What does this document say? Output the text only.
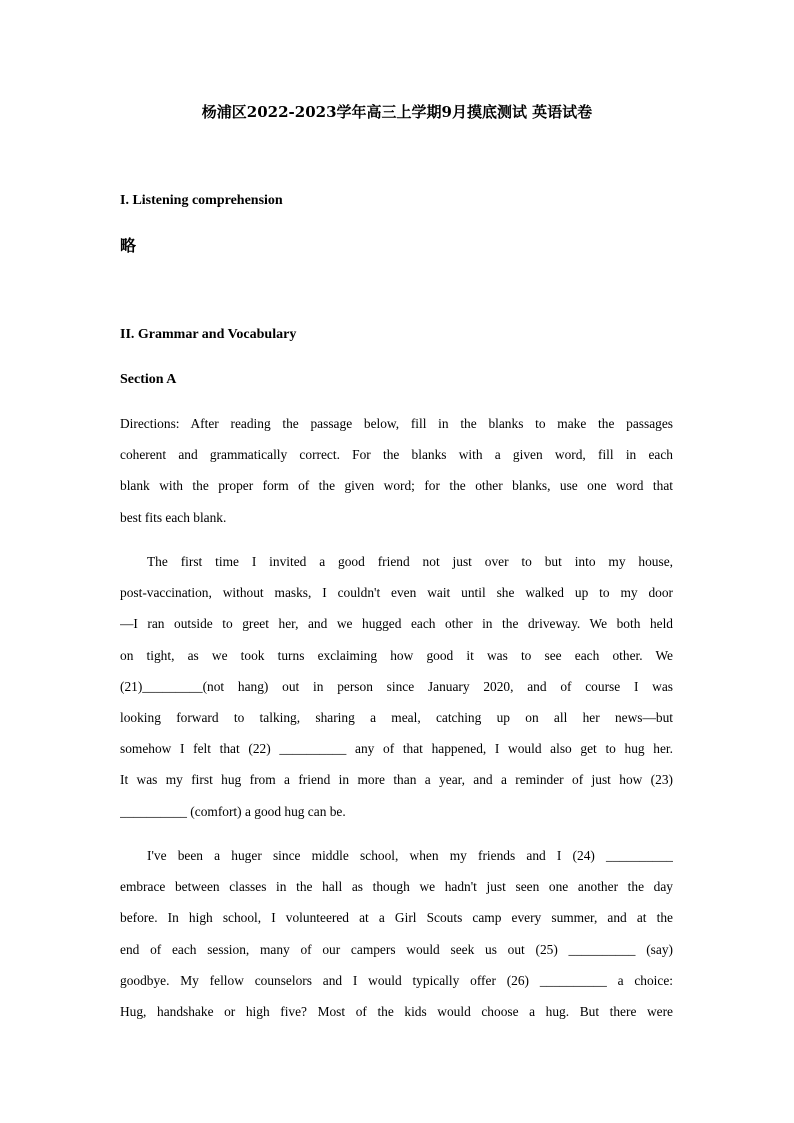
杨浦区2022-2023学年高三上学期9月摸底测试 英语试卷
I. Listening comprehension
略
II. Grammar and Vocabulary
Section A
Directions: After reading the passage below, fill in the blanks to make the passages
coherent and grammatically correct. For the blanks with a given word, fill in each
blank with the proper form of the given word; for the other blanks, use one word that
best fits each blank.
The first time I invited a good friend not just over to but into my house,
post-vaccination, without masks, I couldn't even wait until she walked up to my door
—I ran outside to greet her, and we hugged each other in the driveway. We both held
on tight, as we took turns exclaiming how good it was to see each other. We
(21)_________(not hang) out in person since January 2020, and of course I was
looking forward to talking, sharing a meal, catching up on all her news—but
somehow I felt that (22) __________ any of that happened, I would also get to hug her.
It was my first hug from a friend in more than a year, and a reminder of just how (23)
__________ (comfort) a good hug can be.
I've been a huger since middle school, when my friends and I (24) __________
embrace between classes in the hall as though we hadn't just seen one another the day
before. In high school, I volunteered at a Girl Scouts camp every summer, and at the
end of each session, many of our campers would seek us out (25) __________ (say)
goodbye. My fellow counselors and I would typically offer (26) __________ a choice:
Hug, handshake or high five? Most of the kids would choose a hug. But there were
